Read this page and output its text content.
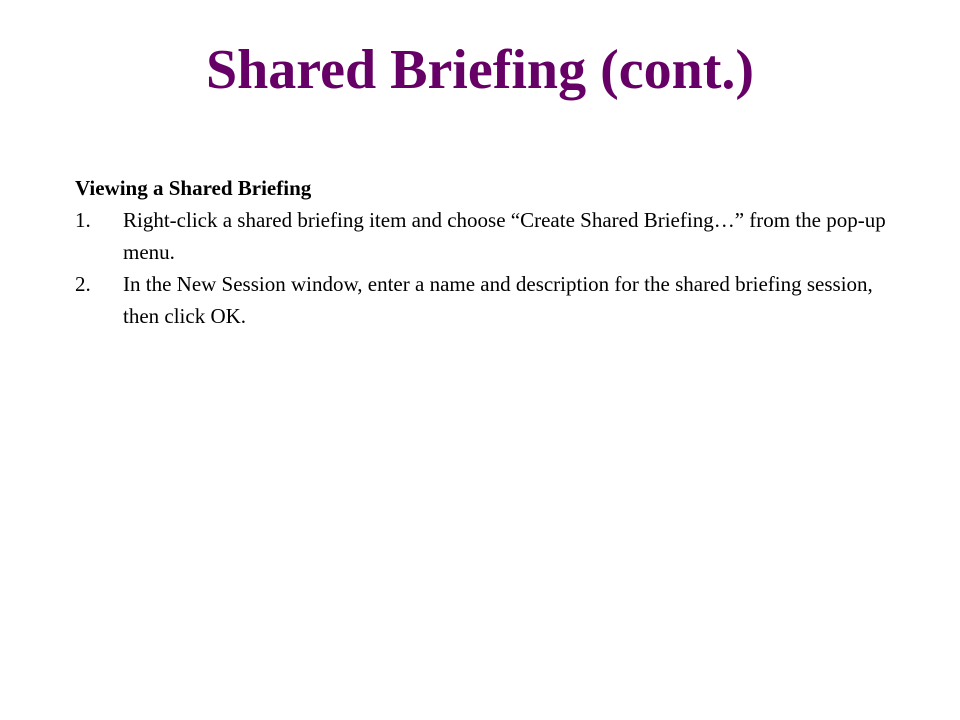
Shared Briefing (cont.)

Viewing a Shared Briefing

1.	Right-click a shared briefing item and choose “Create Shared Briefing…” from the pop-up menu.
2.	In the New Session window, enter a name and description for the shared briefing session, then click OK.
